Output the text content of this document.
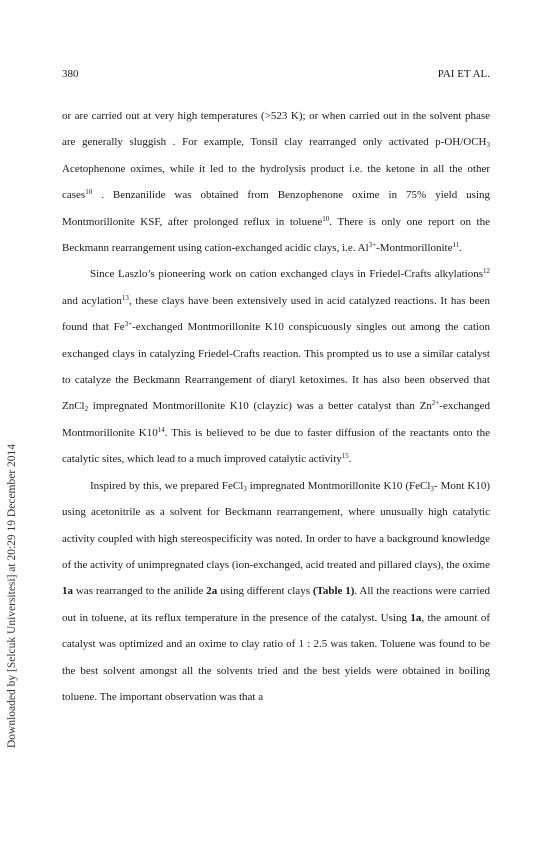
380	PAI ET AL.
Downloaded by [Selcuk Universitesi] at 20:29 19 December 2014

or are carried out at very high temperatures (>523 K); or when carried out in the solvent phase are generally sluggish . For example, Tonsil clay rearranged only activated $p-OH/OCH_3$ Acetophenone oximes, while it led to the hydrolysis product i.e. the ketone in all the other cases$^{10}$ . Benzanilide was obtained from Benzophenone oxime in 75% yield using Montmorillonite KSF, after prolonged reflux in toluene$^{10}$. There is only one report on the Beckmann rearrangement using cation-exchanged acidic clays, i.e. $Al^{3+}-Montmorillonite^{11}$.

Since Laszlo’s pioneering work on cation exchanged clays in Friedel-Crafts alkylations$^{12}$ and acylation$^{13}$, these clays have been extensively used in acid catalyzed reactions. It has been found that $Fe^{3+}$-exchanged Montmorillonite K10 conspicuously singles out among the cation exchanged clays in catalyzing Friedel-Crafts reaction. This prompted us to use a similar catalyst to catalyze the Beckmann Rearrangement of diaryl ketoximes. It has also been observed that ZnCl$_2$ impregnated Montmorillonite K10 (clayzic) was a better catalyst than $Zn^{2+}$-exchanged Montmorillonite $K10^{14}$. This is believed to be due to faster diffusion of the reactants onto the catalytic sites, which lead to a much improved catalytic activity$^{15}$.

Inspired by this, we prepared FeCl$_3$ impregnated Montmorillonite K10 (FeCl$_3$- Mont K10) using acetonitrile as a solvent for Beckmann rearrangement, where unusually high catalytic activity coupled with high stereospecificity was noted. In order to have a background knowledge of the activity of unimpregnated clays (ion-exchanged, acid treated and pillared clays), the oxime 1a was rearranged to the anilide 2a using different clays (Table 1). All the reactions were carried out in toluene, at its reflux temperature in the presence of the catalyst. Using 1a, the amount of catalyst was optimized and an oxime to clay ratio of 1 : 2.5 was taken. Toluene was found to be the best solvent amongst all the solvents tried and the best yields were obtained in boiling toluene. The important observation was that a
